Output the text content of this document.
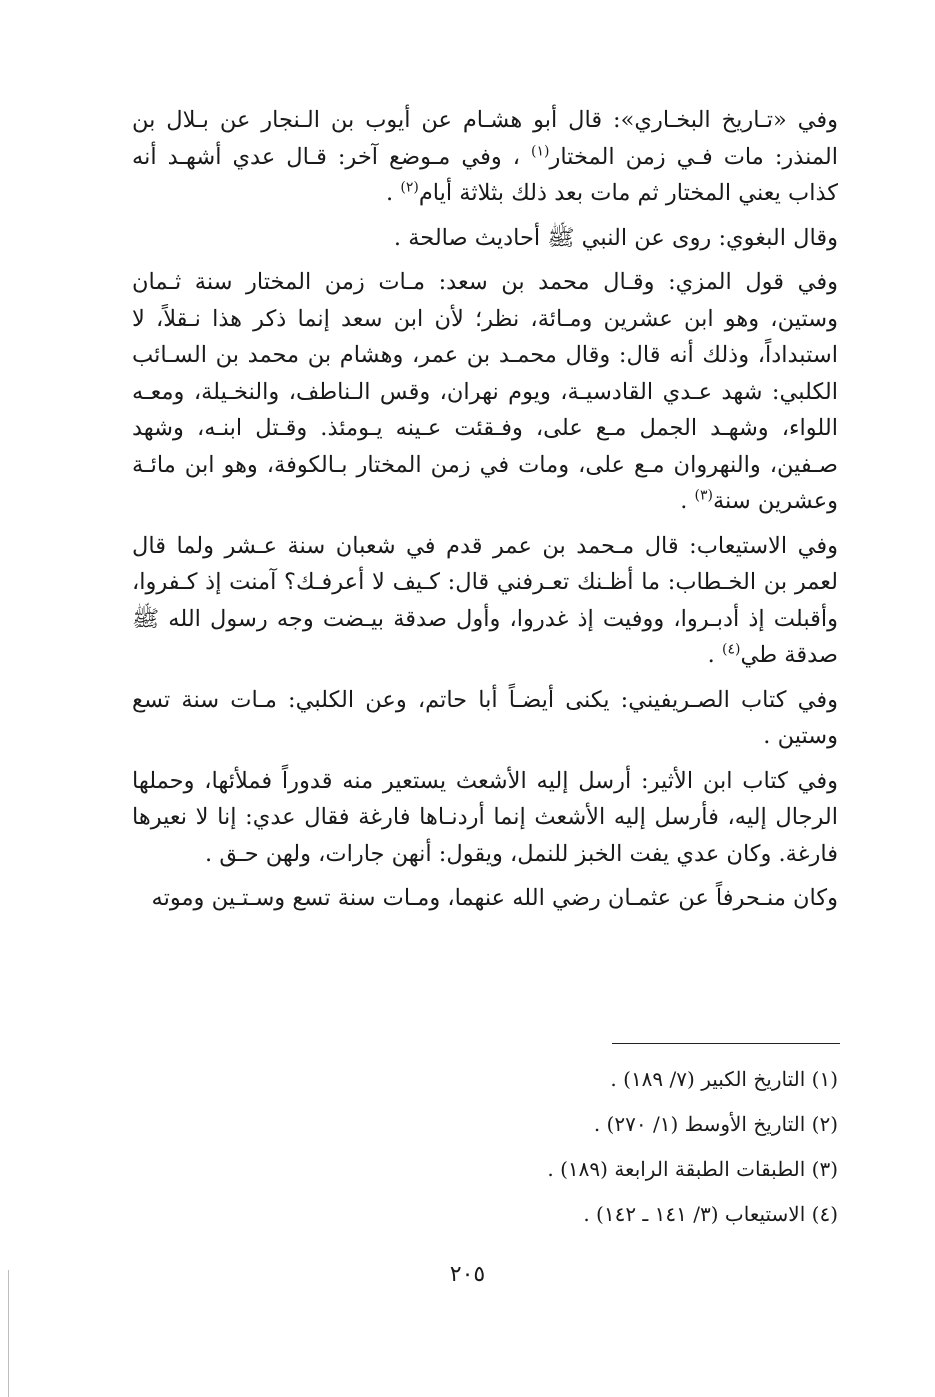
وفي «تـاريخ البخـاري»: قال أبو هشـام عن أيوب بن الـنجار عن بـلال بن المنذر: مات فـي زمن المختار$^{(١)}$ ، وفي مـوضع آخر: قـال عدي أشهـد أنه كذاب يعني المختار ثم مات بعد ذلك بثلاثة أيام$^{(٢)}$ .

وقال البغوي: روى عن النبي ﷺ أحاديث صالحة .

وفي قول المزي: وقـال محمد بن سعد: مـات زمن المختار سنة ثـمان وستين، وهو ابن عشرين ومـائة، نظر؛ لأن ابن سعد إنما ذكر هذا نـقلاً، لا استبداداً، وذلك أنه قال: وقال محمـد بن عمر، وهشام بن محمد بن السـائب الكلبي: شهد عـدي القادسيـة، ويوم نهران، وقس الـناطف، والنخـيلة، ومعـه اللواء، وشهـد الجمل مـع على، وفـقئت عـينه يـومئذ. وقـتل ابنـه، وشهد صـفين، والنهروان مـع على، ومات في زمن المختار بـالكوفة، وهو ابن مائـة وعشرين سنة$^{(٣)}$ .

وفي الاستيعاب: قال مـحمد بن عمر قدم في شعبان سنة عـشر ولما قال لعمر بن الخـطاب: ما أظـنك تعـرفني قال: كـيف لا أعرفـك؟ آمنت إذ كـفروا، وأقبلت إذ أدبـروا، ووفيت إذ غدروا، وأول صدقة بيـضت وجه رسول الله ﷺ صدقة طي$^{(٤)}$ .

وفي كتاب الصـريفيني: يكنى أيضـاً أبا حاتم، وعن الكلبي: مـات سنة تسع وستين .

وفي كتاب ابن الأثير: أرسل إليه الأشعث يستعير منه قدوراً فملأئها، وحملها الرجال إليه، فأرسل إليه الأشعث إنما أردنـاها فارغة فقال عدي: إنا لا نعيرها فارغة. وكان عدي يفت الخبز للنمل، ويقول: أنهن جارات، ولهن حـق .

وكان منـحرفاً عن عثمـان رضي الله عنهما، ومـات سنة تسع وسـتـين وموته

(١) التاريخ الكبير (٧/ ١٨٩) .
(٢) التاريخ الأوسط (١/ ٢٧٠) .
(٣) الطبقات الطبقة الرابعة (١٨٩) .
(٤) الاستيعاب (٣/ ١٤١ ـ ١٤٢) .
٢٠٥
